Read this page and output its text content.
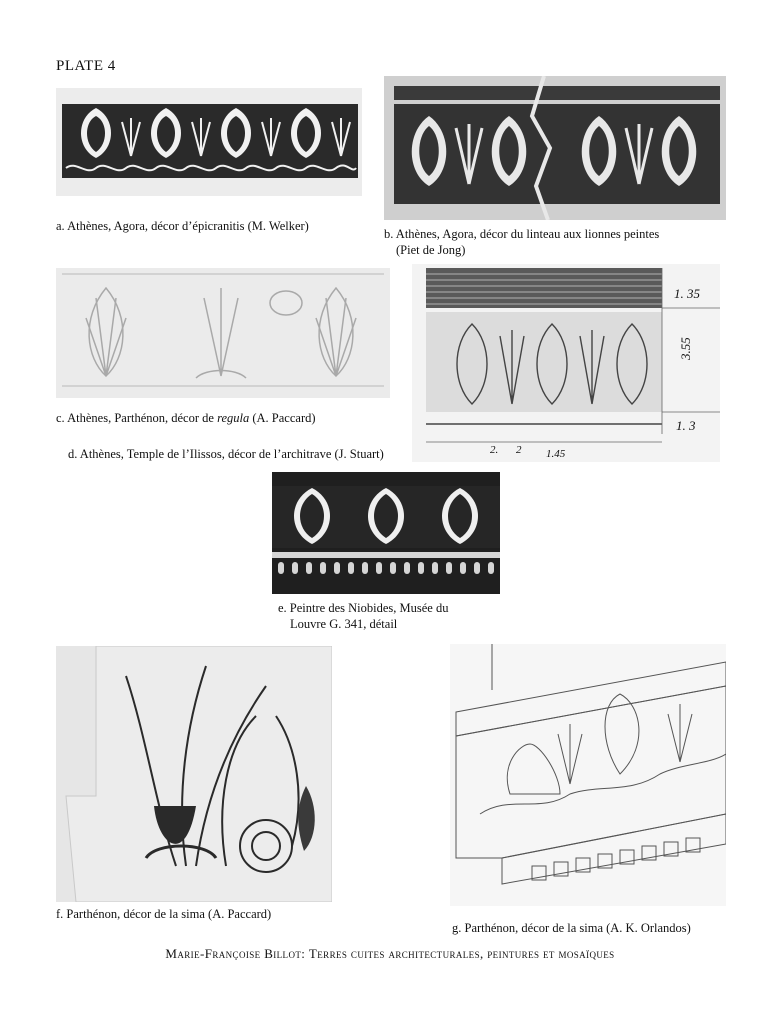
PLATE 4
a. Athènes, Agora, décor d’épicranitis (M. Welker)
b. Athènes, Agora, décor du linteau aux lionnes peintes
(Piet de Jong)
c. Athènes, Parthénon, décor de regula (A. Paccard)
1. 35
3.55
1. 3
2. 2 1.45
d. Athènes, Temple de l’Ilissos, décor de l’architrave (J. Stuart)
e. Peintre des Niobides, Musée du
Louvre G. 341, détail
f. Parthénon, décor de la sima (A. Paccard)
g. Parthénon, décor de la sima (A. K. Orlandos)
Marie-Françoise Billot: Terres cuites architecturales, peintures et mosaïques
